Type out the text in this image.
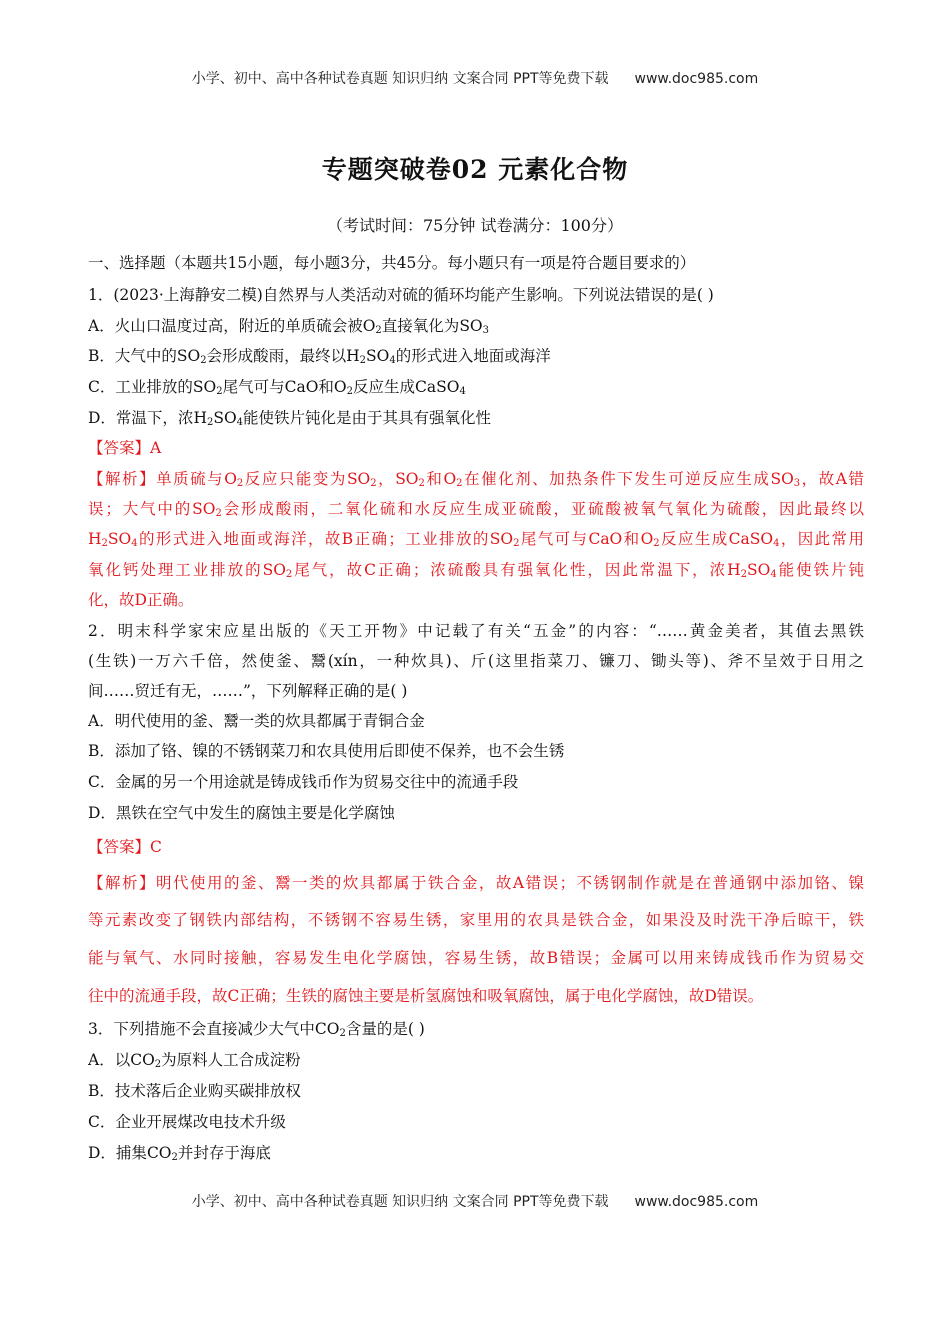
小学、初中、高中各种试卷真题 知识归纳 文案合同 PPT等免费下载 www.doc985.com
专题突破卷02 元素化合物
（考试时间：75分钟 试卷满分：100分）
一、选择题（本题共15小题，每小题3分，共45分。每小题只有一项是符合题目要求的）
1．(2023·上海静安二模)自然界与人类活动对硫的循环均能产生影响。下列说法错误的是( )
A．火山口温度过高，附近的单质硫会被$O_2$直接氧化为$SO_3$
B．大气中的$SO_2$会形成酸雨，最终以$H_2SO_4$的形式进入地面或海洋
C．工业排放的$SO_2$尾气可与CaO和$O_2$反应生成CaSO$_4$
D．常温下，浓$H_2SO_4$能使铁片钝化是由于其具有强氧化性
【答案】A
【解析】单质硫与$O_2$反应只能变为$SO_2$，$SO_2$和$O_2$在催化剂、加热条件下发生可逆反应生成$SO_3$，故A错
误；大气中的$SO_2$会形成酸雨，二氧化硫和水反应生成亚硫酸，亚硫酸被氧气氧化为硫酸，因此最终以
$H_2SO_4$的形式进入地面或海洋，故B正确；工业排放的$SO_2$尾气可与CaO和$O_2$反应生成CaSO$_4$，因此常用
氧化钙处理工业排放的$SO_2$尾气，故C正确；浓硫酸具有强氧化性，因此常温下，浓$H_2SO_4$能使铁片钝
化，故D正确。
2．明末科学家宋应星出版的《天工开物》中记载了有关“五金”的内容：“……黄金美者，其值去黑铁
(生铁)一万六千倍，然使釜、鬵(xín，一种炊具)、斤(这里指菜刀、镰刀、锄头等)、斧不呈效于日用之
间……贸迁有无，……”，下列解释正确的是( )
A．明代使用的釜、鬵一类的炊具都属于青铜合金
B．添加了铬、镍的不锈钢菜刀和农具使用后即使不保养，也不会生锈
C．金属的另一个用途就是铸成钱币作为贸易交往中的流通手段
D．黑铁在空气中发生的腐蚀主要是化学腐蚀
【答案】C
【解析】明代使用的釜、鬵一类的炊具都属于铁合金，故A错误；不锈钢制作就是在普通钢中添加铬、镍
等元素改变了钢铁内部结构，不锈钢不容易生锈，家里用的农具是铁合金，如果没及时洗干净后晾干，铁
能与氧气、水同时接触，容易发生电化学腐蚀，容易生锈，故B错误；金属可以用来铸成钱币作为贸易交
往中的流通手段，故C正确；生铁的腐蚀主要是析氢腐蚀和吸氧腐蚀，属于电化学腐蚀，故D错误。
3．下列措施不会直接减少大气中$CO_2$含量的是( )
A．以$CO_2$为原料人工合成淀粉
B．技术落后企业购买碳排放权
C．企业开展煤改电技术升级
D．捕集$CO_2$并封存于海底
小学、初中、高中各种试卷真题 知识归纳 文案合同 PPT等免费下载 www.doc985.com
